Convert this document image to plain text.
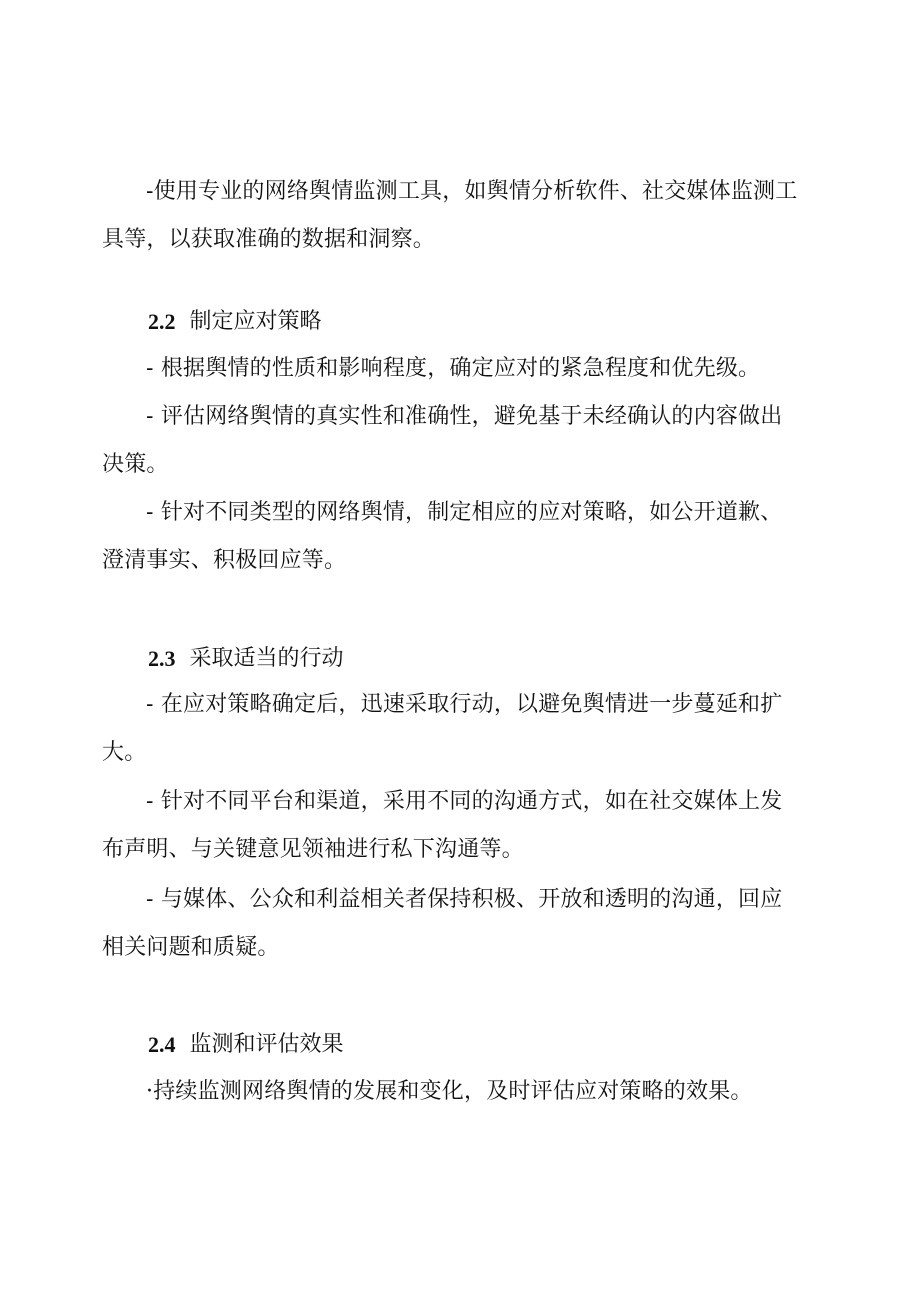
-使用专业的网络舆情监测工具，如舆情分析软件、社交媒体监测工具等，以获取准确的数据和洞察。

2.2 制定应对策略

- 根据舆情的性质和影响程度，确定应对的紧急程度和优先级。

- 评估网络舆情的真实性和准确性，避免基于未经确认的内容做出决策。

- 针对不同类型的网络舆情，制定相应的应对策略，如公开道歉、澄清事实、积极回应等。

2.3 采取适当的行动

- 在应对策略确定后，迅速采取行动，以避免舆情进一步蔓延和扩大。

- 针对不同平台和渠道，采用不同的沟通方式，如在社交媒体上发布声明、与关键意见领袖进行私下沟通等。

- 与媒体、公众和利益相关者保持积极、开放和透明的沟通，回应相关问题和质疑。

2.4 监测和评估效果

·持续监测网络舆情的发展和变化，及时评估应对策略的效果。
